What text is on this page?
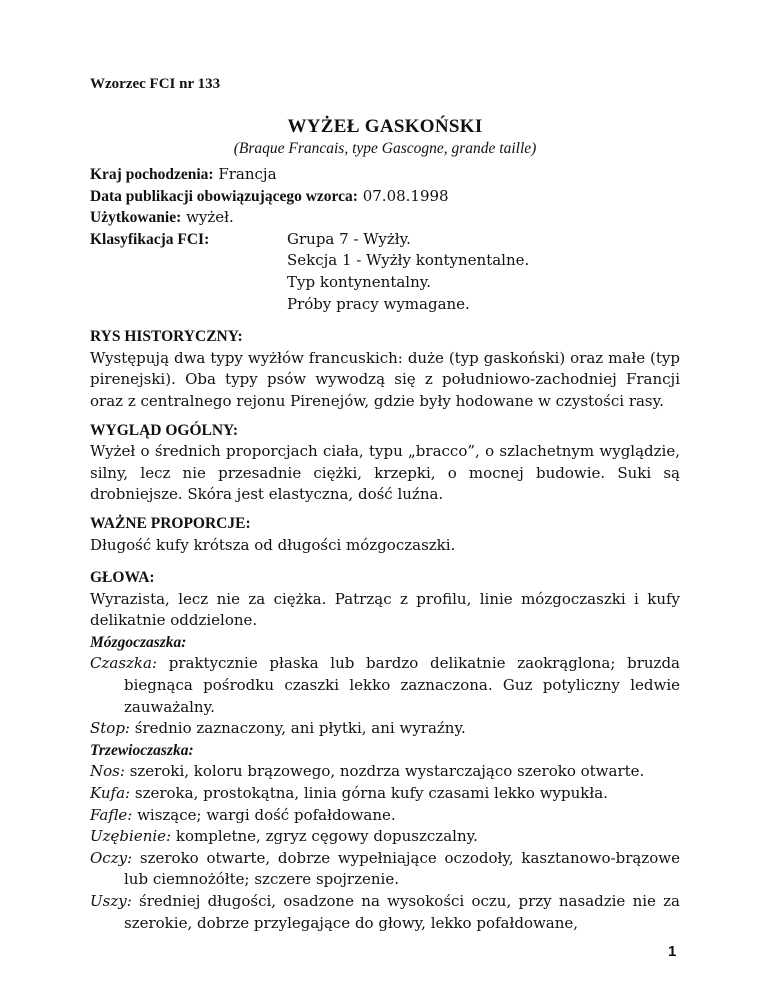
Wzorzec FCI nr 133
WYŻEŁ GASKOŃSKI
(Braque Francais, type Gascogne, grande taille)
Kraj pochodzenia: Francja
Data publikacji obowiązującego wzorca: 07.08.1998
Użytkowanie: wyżeł.
Klasyfikacja FCI:	Grupa 7 - Wyżły.
Sekcja 1 - Wyżły kontynentalne.
Typ kontynentalny.
Próby pracy wymagane.
RYS HISTORYCZNY:
Występują dwa typy wyżłów francuskich: duże (typ gaskoński) oraz małe (typ pirenejski). Oba typy psów wywodzą się z południowo-zachodniej Francji oraz z centralnego rejonu Pirenejów, gdzie były hodowane w czystości rasy.
WYGLĄD OGÓLNY:
Wyżeł o średnich proporcjach ciała, typu „bracco”, o szlachetnym wyglądzie, silny, lecz nie przesadnie ciężki, krzepki, o mocnej budowie. Suki są drobniejsze. Skóra jest elastyczna, dość luźna.
WAŻNE PROPORCJE:
Długość kufy krótsza od długości mózgoczaszki.
GŁOWA:
Wyrazista, lecz nie za ciężka. Patrząc z profilu, linie mózgoczaszki i kufy delikatnie oddzielone.
Mózgoczaszka:
Czaszka: praktycznie płaska lub bardzo delikatnie zaokrąglona; bruzda biegnąca pośrodku czaszki lekko zaznaczona. Guz potyliczny ledwie zauważalny.
Stop: średnio zaznaczony, ani płytki, ani wyraźny.
Trzewioczaszka:
Nos: szeroki, koloru brązowego, nozdrza wystarczająco szeroko otwarte.
Kufa: szeroka, prostokątna, linia górna kufy czasami lekko wypukła.
Fafle: wiszące; wargi dość pofałdowane.
Uzębienie: kompletne, zgryz cęgowy dopuszczalny.
Oczy: szeroko otwarte, dobrze wypełniające oczodoły, kasztanowo-brązowe lub ciemnożółte; szczere spojrzenie.
Uszy: średniej długości, osadzone na wysokości oczu, przy nasadzie nie za szerokie, dobrze przylegające do głowy, lekko pofałdowane,
1
